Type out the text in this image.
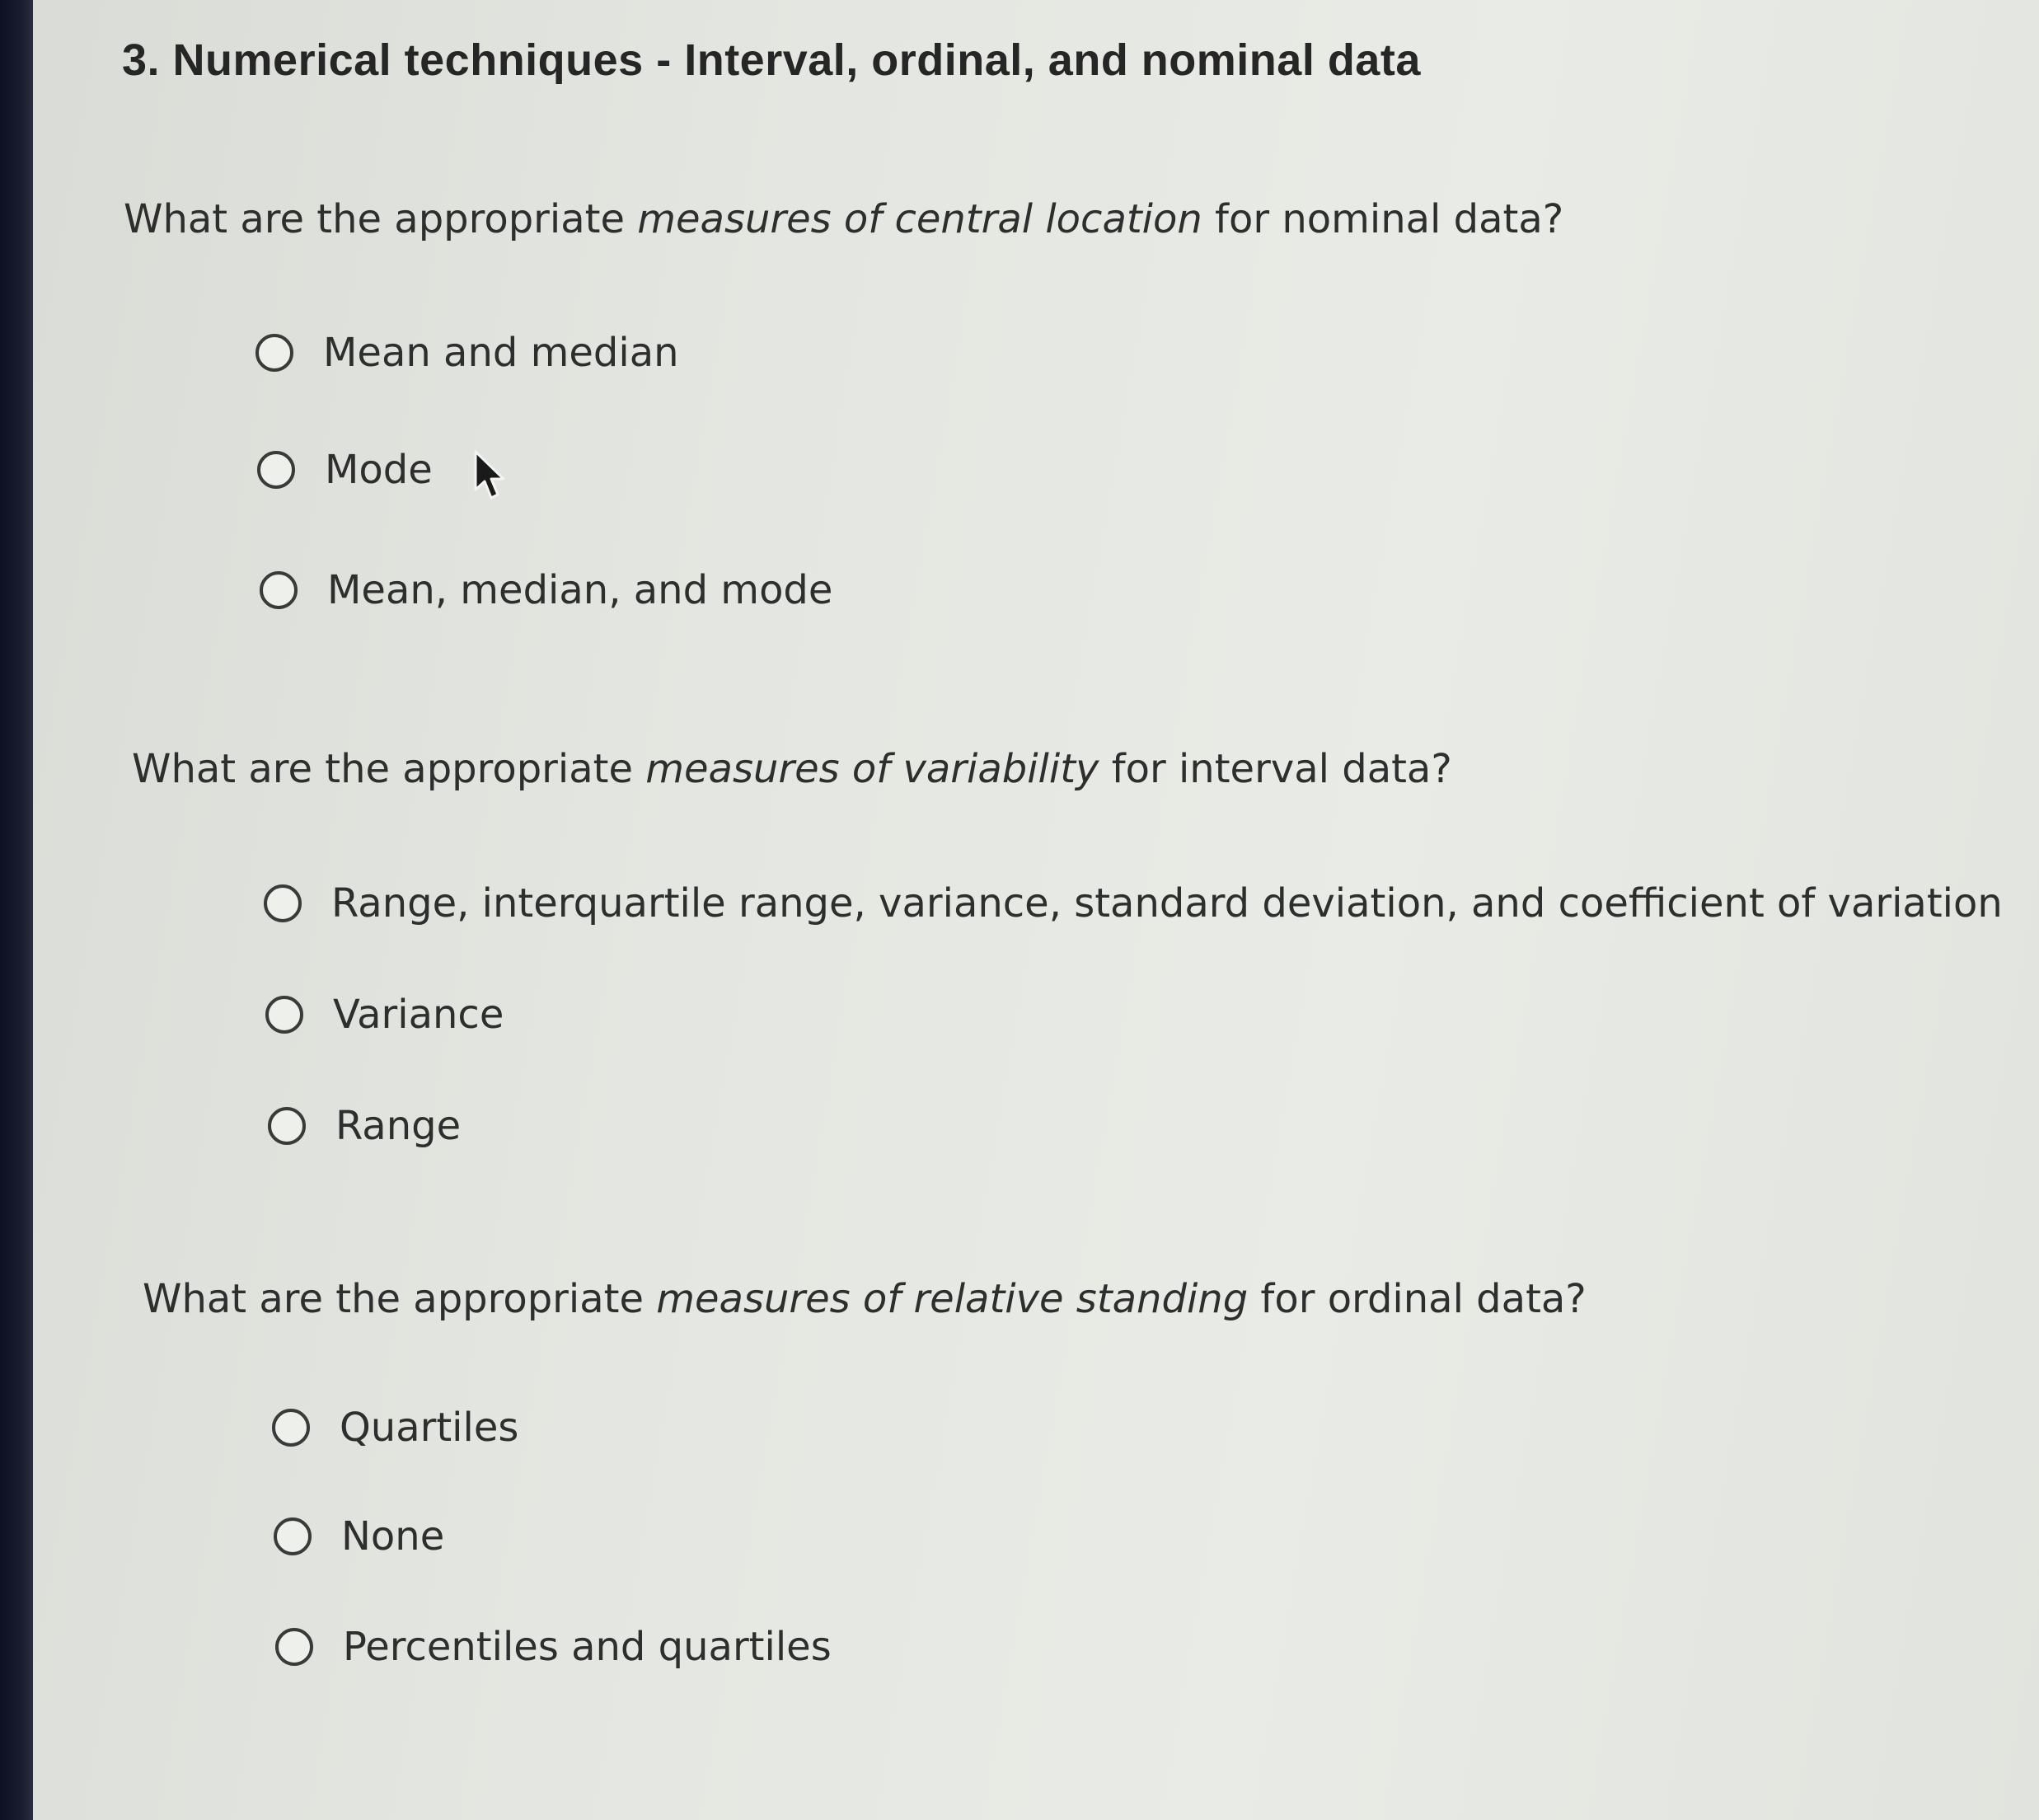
3. Numerical techniques - Interval, ordinal, and nominal data
What are the appropriate measures of central location for nominal data?
Mean and median
Mode
Mean, median, and mode
What are the appropriate measures of variability for interval data?
Range, interquartile range, variance, standard deviation, and coefficient of variation
Variance
Range
What are the appropriate measures of relative standing for ordinal data?
Quartiles
None
Percentiles and quartiles
